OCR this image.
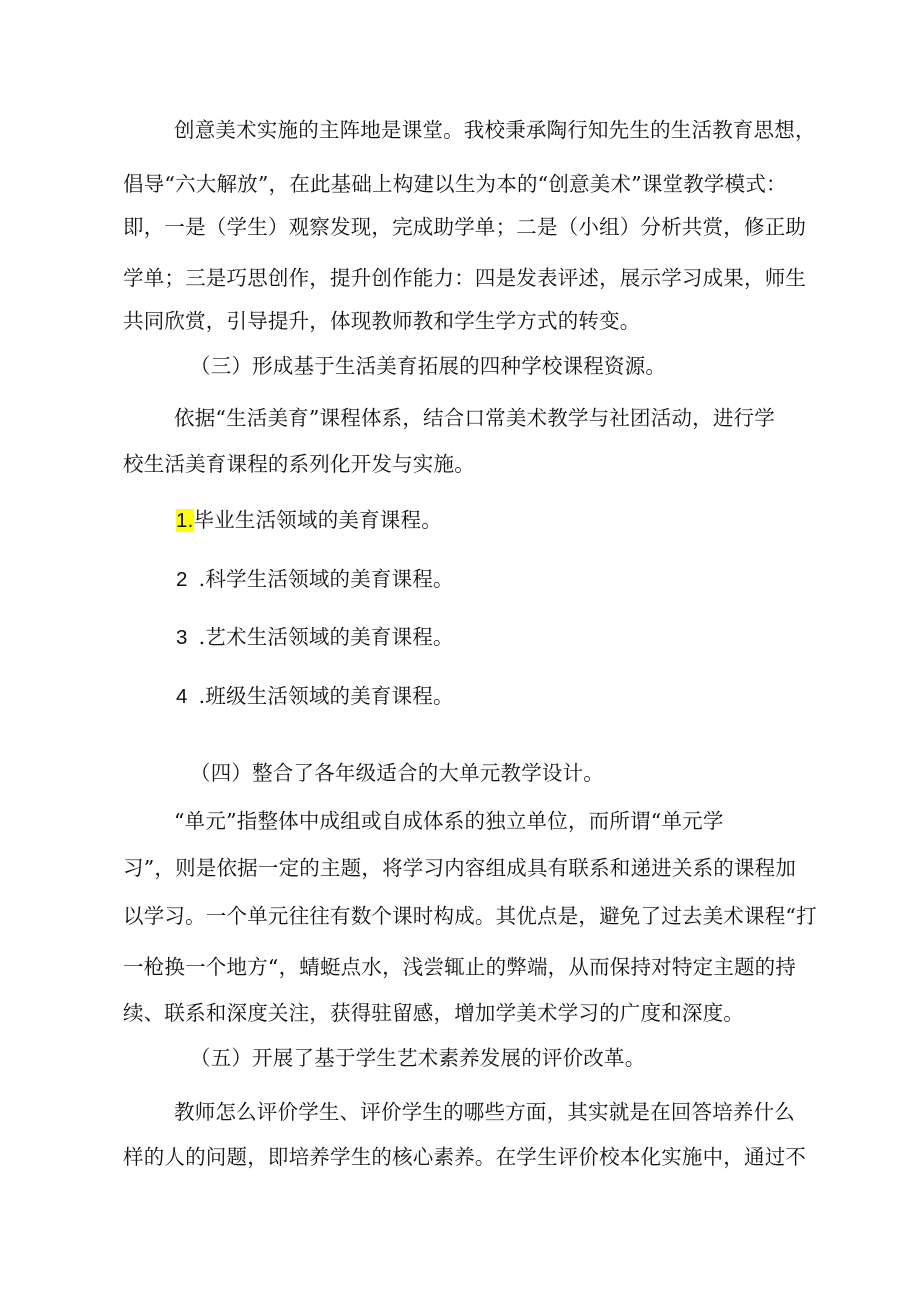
创意美术实施的主阵地是课堂。我校秉承陶行知先生的生活教育思想，
倡导“六大解放”，在此基础上构建以生为本的“创意美术”课堂教学模式：
即，一是（学生）观察发现，完成助学单；二是（小组）分析共赏，修正助
学单；三是巧思创作，提升创作能力：四是发表评述，展示学习成果，师生
共同欣赏，引导提升，体现教师教和学生学方式的转变。
（三）形成基于生活美育拓展的四种学校课程资源。
依据“生活美育”课程体系，结合口常美术教学与社团活动，进行学
校生活美育课程的系列化开发与实施。
1.毕业生活领域的美育课程。
2 .科学生活领域的美育课程。
3 .艺术生活领域的美育课程。
4 .班级生活领域的美育课程。
（四）整合了各年级适合的大单元教学设计。
“单元”指整体中成组或自成体系的独立单位，而所谓“单元学
习”，则是依据一定的主题，将学习内容组成具有联系和递进关系的课程加
以学习。一个单元往往有数个课时构成。其优点是，避免了过去美术课程“打
一枪换一个地方“，蜻蜓点水，浅尝辄止的弊端，从而保持对特定主题的持
续、联系和深度关注，获得驻留感，增加学美术学习的广度和深度。
（五）开展了基于学生艺术素养发展的评价改革。
教师怎么评价学生、评价学生的哪些方面，其实就是在回答培养什么
样的人的问题，即培养学生的核心素养。在学生评价校本化实施中，通过不
